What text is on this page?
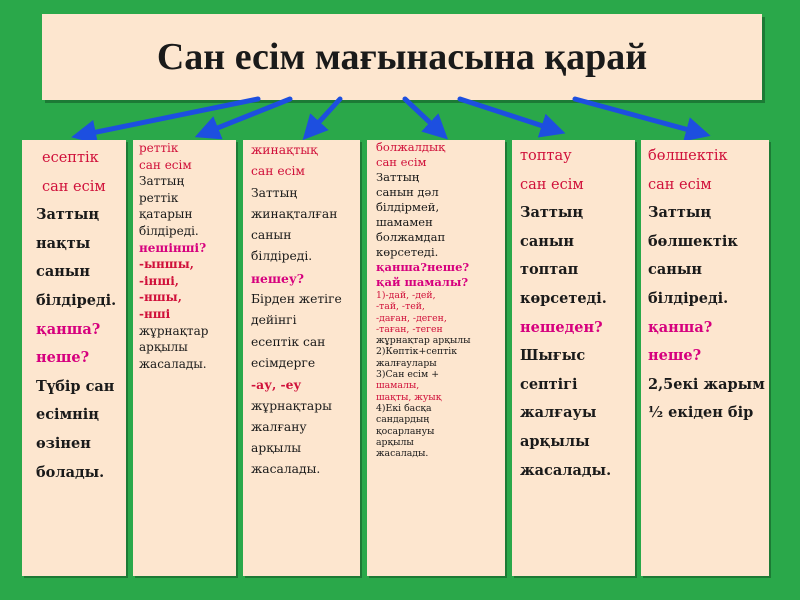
Сан есім мағынасына қарай
есептік
сан есім
Заттың
нақты
санын
білдіреді.
қанша?
неше?
Түбір сан
есімнің
өзінен
болады.
реттік
сан есім
Заттың
реттік
қатарын
білдіреді.
нешінші?
-ыншы,
-інші,
-ншы,
-нші
жұрнақтар
арқылы
жасалады.
жинақтық
сан есім
Заттың
жинақталған
санын
білдіреді.
нешеу?
Бірден жетіге
дейінгі
есептік сан
есімдерге
-ау, -еу
жұрнақтары
жалғану
арқылы
жасалады.
болжалдық
сан есім
Заттың
санын дәл
білдірмей,
шамамен
болжамдап
көрсетеді.
қанша?неше?
қай шамалы?
1)-дай, -дей,
-тай, -тей,
-даған, -деген,
-таған, -теген
жұрнақтар арқылы
2)Көптік+септік
жалғаулары
3)Сан есім +
шамалы,
шақты, жуық
4)Екі басқа
сандардың
қосарлануы
арқылы
жасалады.
топтау
сан есім
Заттың
санын
топтап
көрсетеді.
нешеден?
Шығыс
септігі
жалғауы
арқылы
жасалады.
бөлшектік
сан есім
Заттың
бөлшектік
санын
білдіреді.
қанша?
неше?
2,5екі жарым
½ екіден бір
